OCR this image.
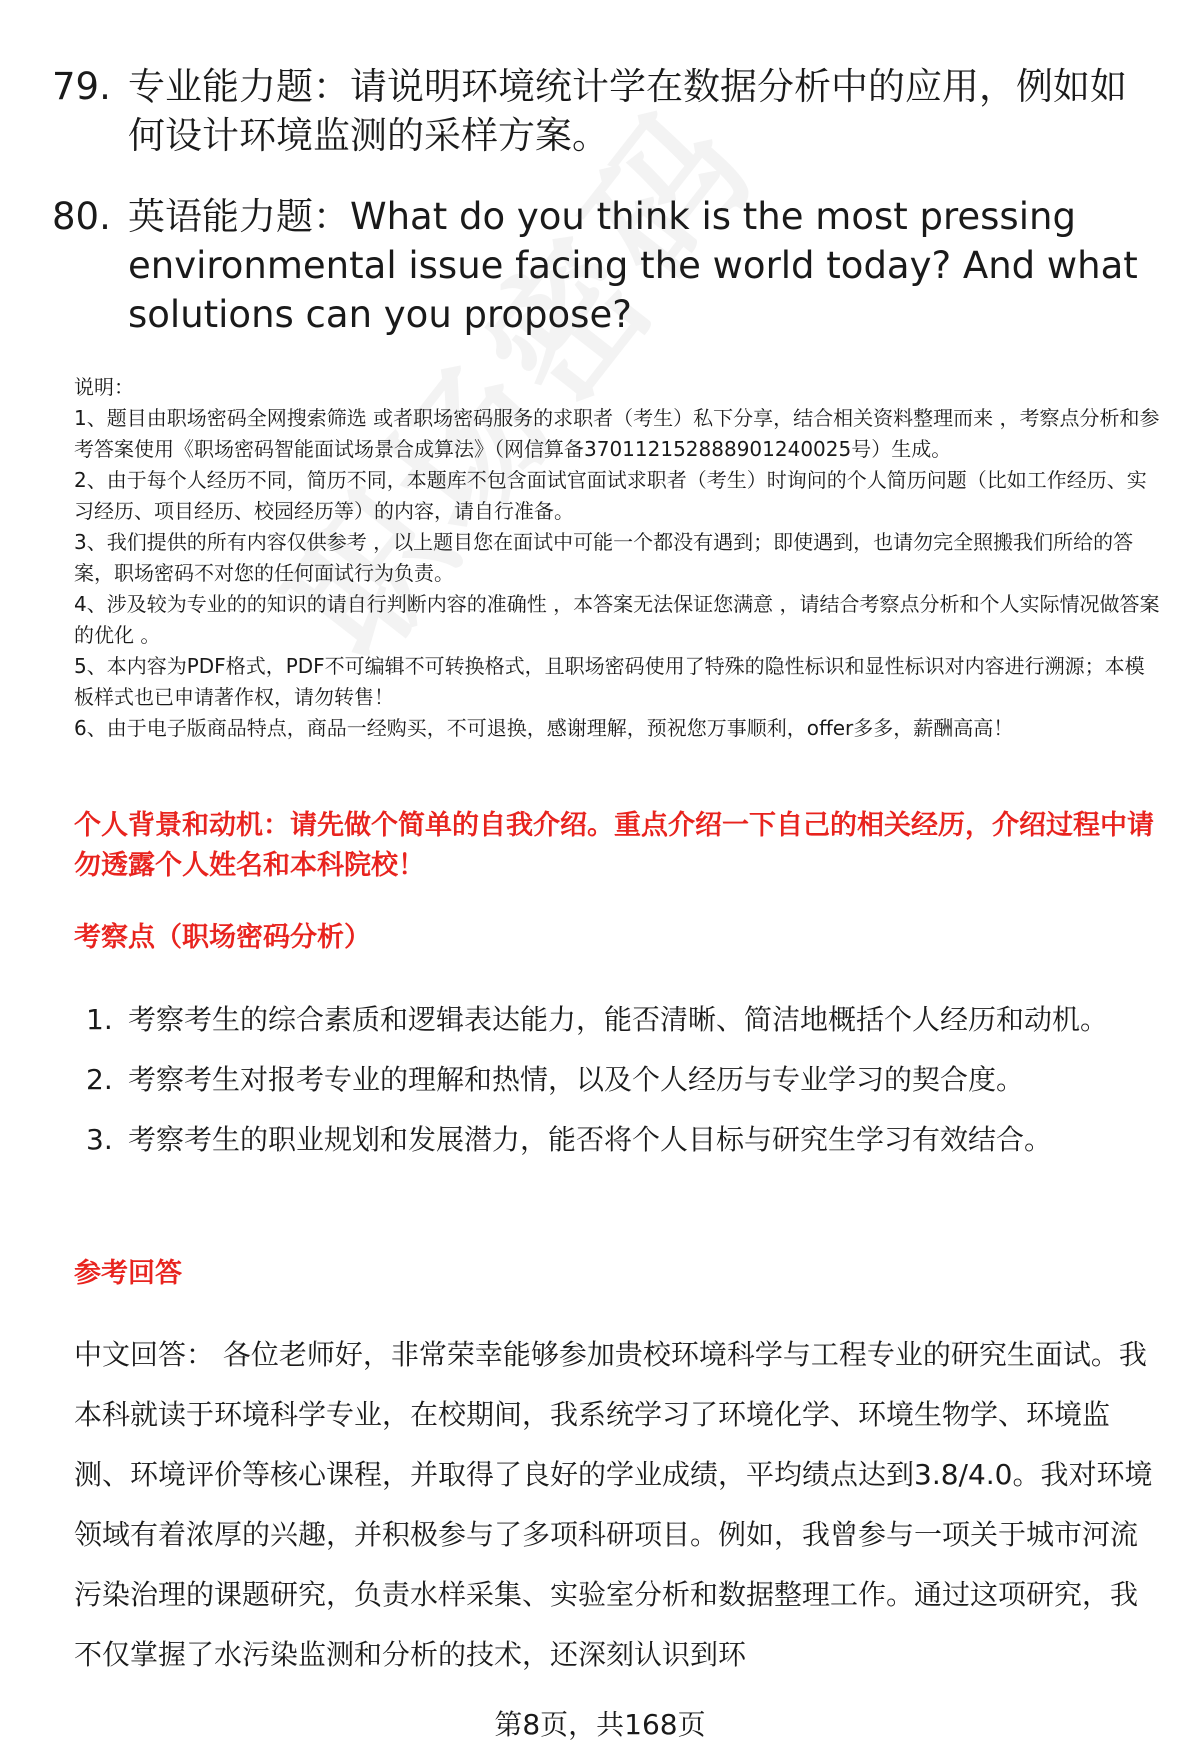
79. 专业能力题：请说明环境统计学在数据分析中的应用，例如如何设计环境监测的采样方案。
80. 英语能力题：What do you think is the most pressing environmental issue facing the world today? And what solutions can you propose?

说明：

1、题目由职场密码全网搜索筛选 或者职场密码服务的求职者（考生）私下分享，结合相关资料整理而来 ，考察点分析和参考答案使用《职场密码智能面试场景合成算法》（网信算备370112152888901240025号）生成。

2、由于每个人经历不同，简历不同，本题库不包含面试官面试求职者（考生）时询问的个人简历问题（比如工作经历、实习经历、项目经历、校园经历等）的内容，请自行准备。

3、我们提供的所有内容仅供参考 ，以上题目您在面试中可能一个都没有遇到；即使遇到，也请勿完全照搬我们所给的答案，职场密码不对您的任何面试行为负责。

4、涉及较为专业的的知识的请自行判断内容的准确性 ，本答案无法保证您满意 ，请结合考察点分析和个人实际情况做答案的优化 。

5、本内容为PDF格式，PDF不可编辑不可转换格式，且职场密码使用了特殊的隐性标识和显性标识对内容进行溯源；本模板样式也已申请著作权，请勿转售！

6、由于电子版商品特点，商品一经购买，不可退换，感谢理解，预祝您万事顺利，offer多多，薪酬高高！

个人背景和动机：请先做个简单的自我介绍。重点介绍一下自己的相关经历，介绍过程中请勿透露个人姓名和本科院校！
考察点（职场密码分析）
1. 考察考生的综合素质和逻辑表达能力，能否清晰、简洁地概括个人经历和动机。
2. 考察考生对报考专业的理解和热情，以及个人经历与专业学习的契合度。
3. 考察考生的职业规划和发展潜力，能否将个人目标与研究生学习有效结合。
参考回答

中文回答： 各位老师好，非常荣幸能够参加贵校环境科学与工程专业的研究生面试。我本科就读于环境科学专业，在校期间，我系统学习了环境化学、环境生物学、环境监测、环境评价等核心课程，并取得了良好的学业成绩，平均绩点达到3.8/4.0。我对环境领域有着浓厚的兴趣，并积极参与了多项科研项目。例如，我曾参与一项关于城市河流污染治理的课题研究，负责水样采集、实验室分析和数据整理工作。通过这项研究，我不仅掌握了水污染监测和分析的技术，还深刻认识到环

第8页，共168页
